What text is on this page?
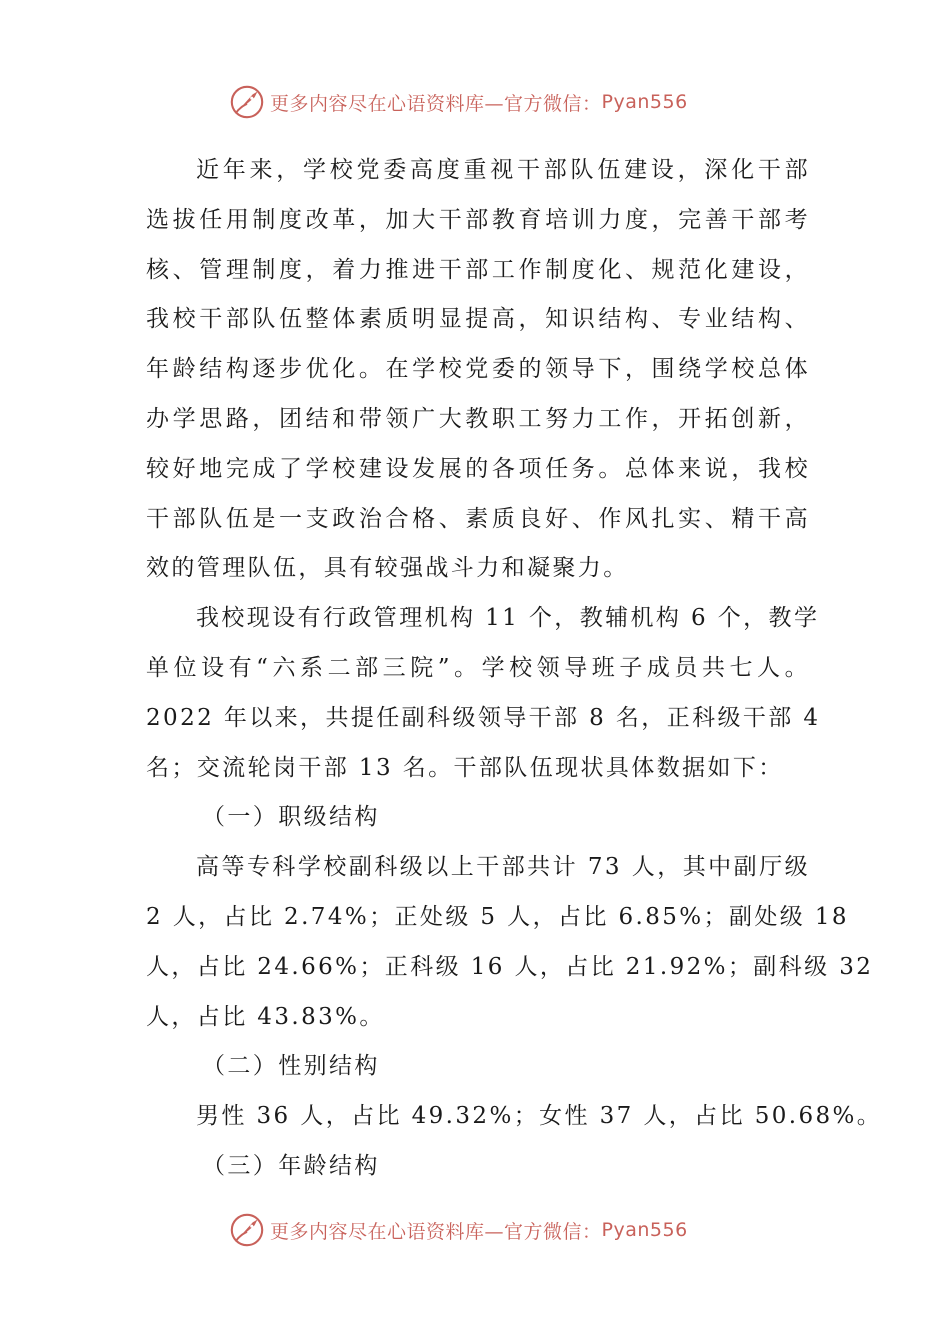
更多内容尽在心语资料库—官方微信： Pyan556
近年来，学校党委高度重视干部队伍建设，深化干部
选拔任用制度改革，加大干部教育培训力度，完善干部考
核、管理制度，着力推进干部工作制度化、规范化建设，
我校干部队伍整体素质明显提高，知识结构、专业结构、
年龄结构逐步优化。在学校党委的领导下，围绕学校总体
办学思路，团结和带领广大教职工努力工作，开拓创新，
较好地完成了学校建设发展的各项任务。总体来说，我校
干部队伍是一支政治合格、素质良好、作风扎实、精干高
效的管理队伍，具有较强战斗力和凝聚力。
我校现设有行政管理机构 11 个，教辅机构 6 个，教学
单位设有“六系二部三院”。学校领导班子成员共七人。
2022 年以来，共提任副科级领导干部 8 名，正科级干部 4
名；交流轮岗干部 13 名。干部队伍现状具体数据如下：
（一）职级结构
高等专科学校副科级以上干部共计 73 人，其中副厅级
2 人，占比 2.74%；正处级 5 人，占比 6.85%；副处级 18
人，占比 24.66%；正科级 16 人，占比 21.92%；副科级 32
人，占比 43.83%。
（二）性别结构
男性 36 人，占比 49.32%；女性 37 人，占比 50.68%。
（三）年龄结构
更多内容尽在心语资料库—官方微信： Pyan556
